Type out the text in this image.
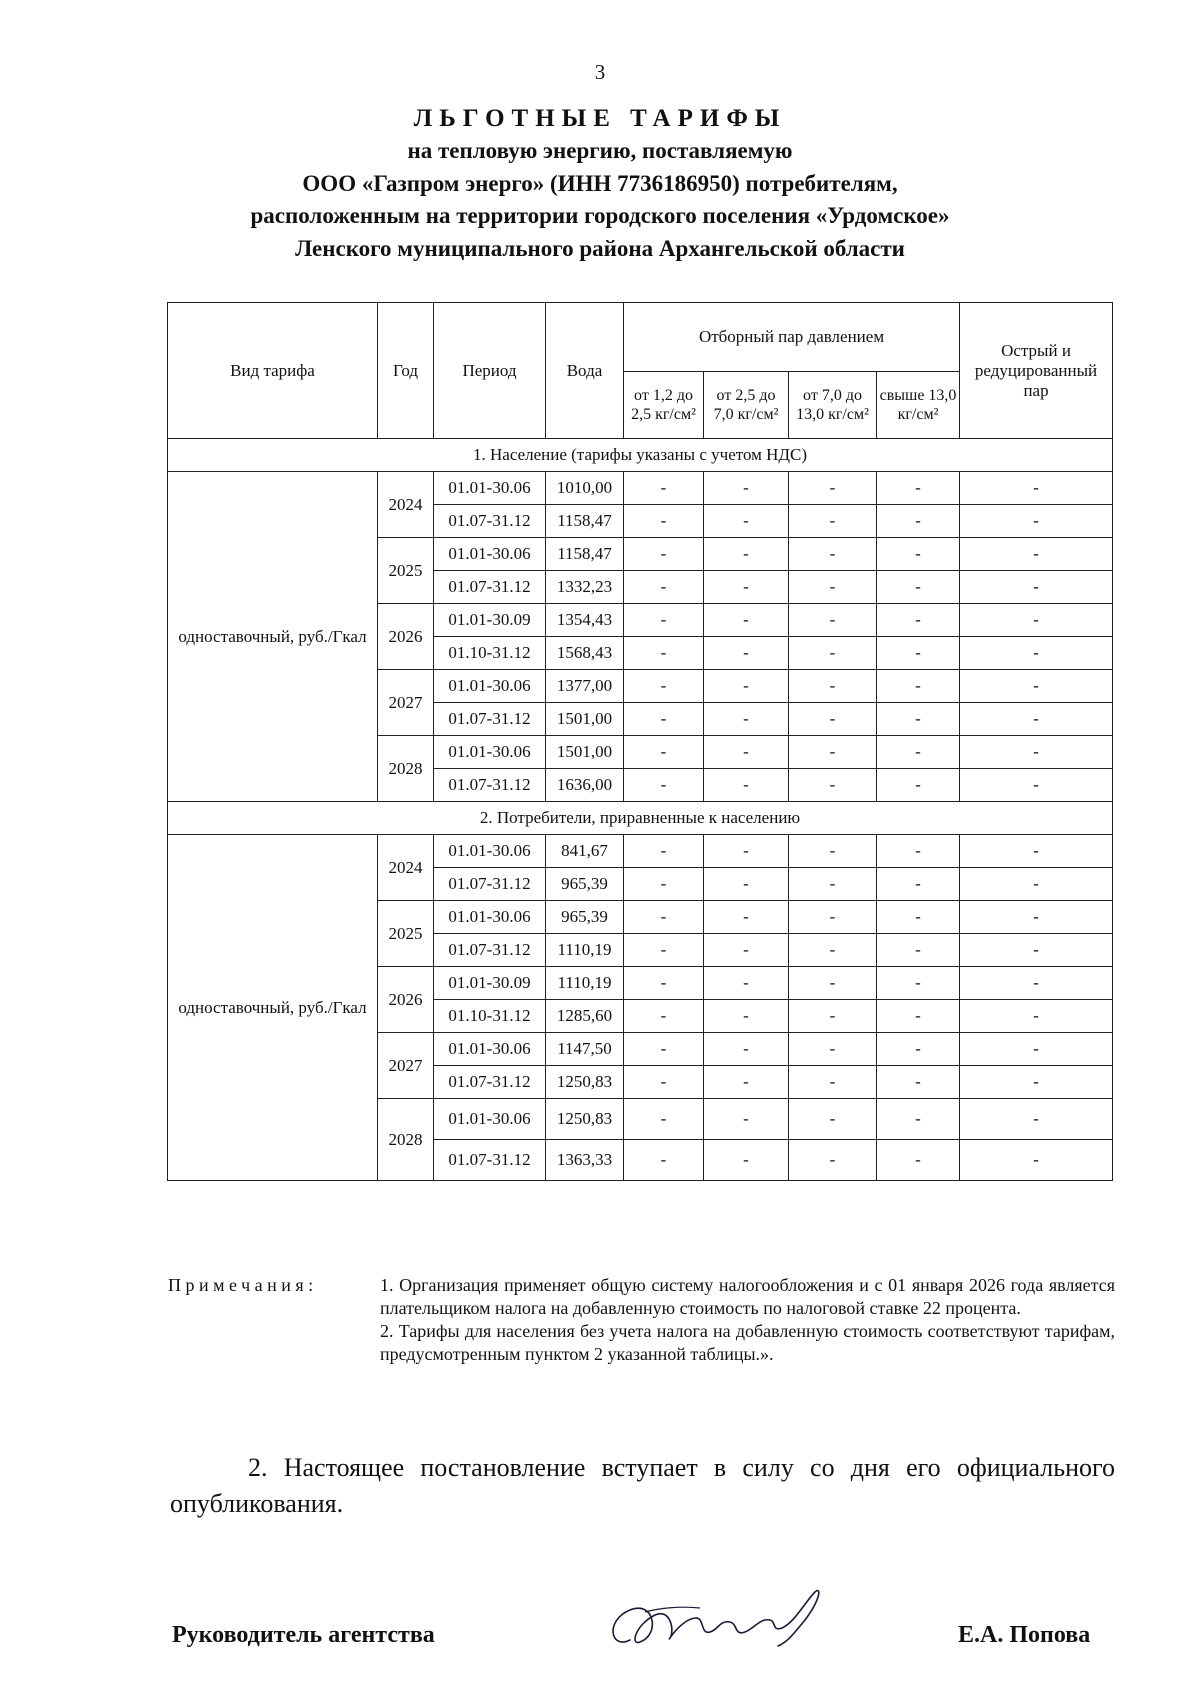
3
ЛЬГОТНЫЕ ТАРИФЫ
на тепловую энергию, поставляемую
ООО «Газпром энерго» (ИНН 7736186950) потребителям,
расположенным на территории городского поселения «Урдомское»
Ленского муниципального района Архангельской области
Вид тарифа	Год	Период	Вода	Отборный пар давлением				Острый и редуцированный пар
				от 1,2 до 2,5 кг/см²	от 2,5 до 7,0 кг/см²	от 7,0 до 13,0 кг/см²	свыше 13,0 кг/см²	
1. Население (тарифы указаны с учетом НДС)								
одноставочный, руб./Гкал	2024	01.01-30.06	1010,00	-	-	-	-	-
		01.07-31.12	1158,47	-	-	-	-	-
	2025	01.01-30.06	1158,47	-	-	-	-	-
		01.07-31.12	1332,23	-	-	-	-	-
	2026	01.01-30.09	1354,43	-	-	-	-	-
		01.10-31.12	1568,43	-	-	-	-	-
	2027	01.01-30.06	1377,00	-	-	-	-	-
		01.07-31.12	1501,00	-	-	-	-	-
	2028	01.01-30.06	1501,00	-	-	-	-	-
		01.07-31.12	1636,00	-	-	-	-	-
2. Потребители, приравненные к населению								
одноставочный, руб./Гкал	2024	01.01-30.06	841,67	-	-	-	-	-
		01.07-31.12	965,39	-	-	-	-	-
	2025	01.01-30.06	965,39	-	-	-	-	-
		01.07-31.12	1110,19	-	-	-	-	-
	2026	01.01-30.09	1110,19	-	-	-	-	-
		01.10-31.12	1285,60	-	-	-	-	-
	2027	01.01-30.06	1147,50	-	-	-	-	-
		01.07-31.12	1250,83	-	-	-	-	-
	2028	01.01-30.06	1250,83	-	-	-	-	-
		01.07-31.12	1363,33	-	-	-	-	-
Примечания:	1. Организация применяет общую систему налогообложения и с 01 января 2026 года является плательщиком налога на добавленную стоимость по налоговой ставке 22 процента.

2. Тарифы для населения без учета налога на добавленную стоимость соответствуют тарифам, предусмотренным пунктом 2 указанной таблицы.».

2. Настоящее постановление вступает в силу со дня его официального опубликования.
Руководитель агентства	Е.А. Попова
